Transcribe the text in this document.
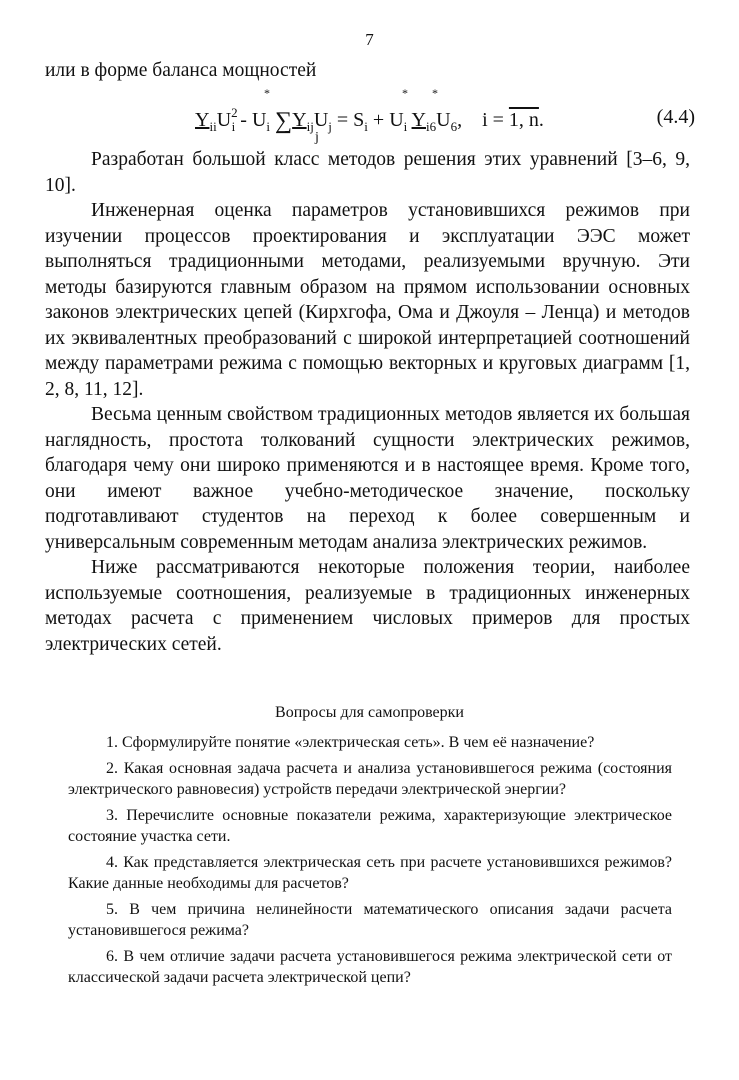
7

или в форме баланса мощностей

*	* *
$Y_{ii}U^2_i - U_i$ $\sum Y_{ij}U_j = S_i + U_i$ $Y_{i6}U_6$,    i = 1, n.
j
(4.4)

Разработан большой класс методов решения этих уравнений [3–6, 9, 10].

Инженерная оценка параметров установившихся режимов при изучении процессов проектирования и эксплуатации ЭЭС может выполняться традиционными методами, реализуемыми вручную. Эти методы базируются главным образом на прямом использовании основных законов электрических цепей (Кирхгофа, Ома и Джоуля – Ленца) и методов их эквивалентных преобразований с широкой интерпретацией соотношений между параметрами режима с помощью векторных и круговых диаграмм [1, 2, 8, 11, 12].

Весьма ценным свойством традиционных методов является их большая наглядность, простота толкований сущности электрических режимов, благодаря чему они широко применяются и в настоящее время. Кроме того, они имеют важное учебно-методическое значение, поскольку подготавливают студентов на переход к более совершенным и универсальным современным методам анализа электрических режимов.

Ниже рассматриваются некоторые положения теории, наиболее используемые соотношения, реализуемые в традиционных инженерных методах расчета с применением числовых примеров для простых электрических сетей.

Вопросы для самопроверки

1. Сформулируйте понятие «электрическая сеть». В чем её назначение?

2. Какая основная задача расчета и анализа установившегося режима (состояния электрического равновесия) устройств передачи электрической энергии?

3. Перечислите основные показатели режима, характеризующие электрическое состояние участка сети.

4. Как представляется электрическая сеть при расчете установившихся режимов? Какие данные необходимы для расчетов?

5. В чем причина нелинейности математического описания задачи расчета установившегося режима?

6. В чем отличие задачи расчета установившегося режима электрической сети от классической задачи расчета электрической цепи?
